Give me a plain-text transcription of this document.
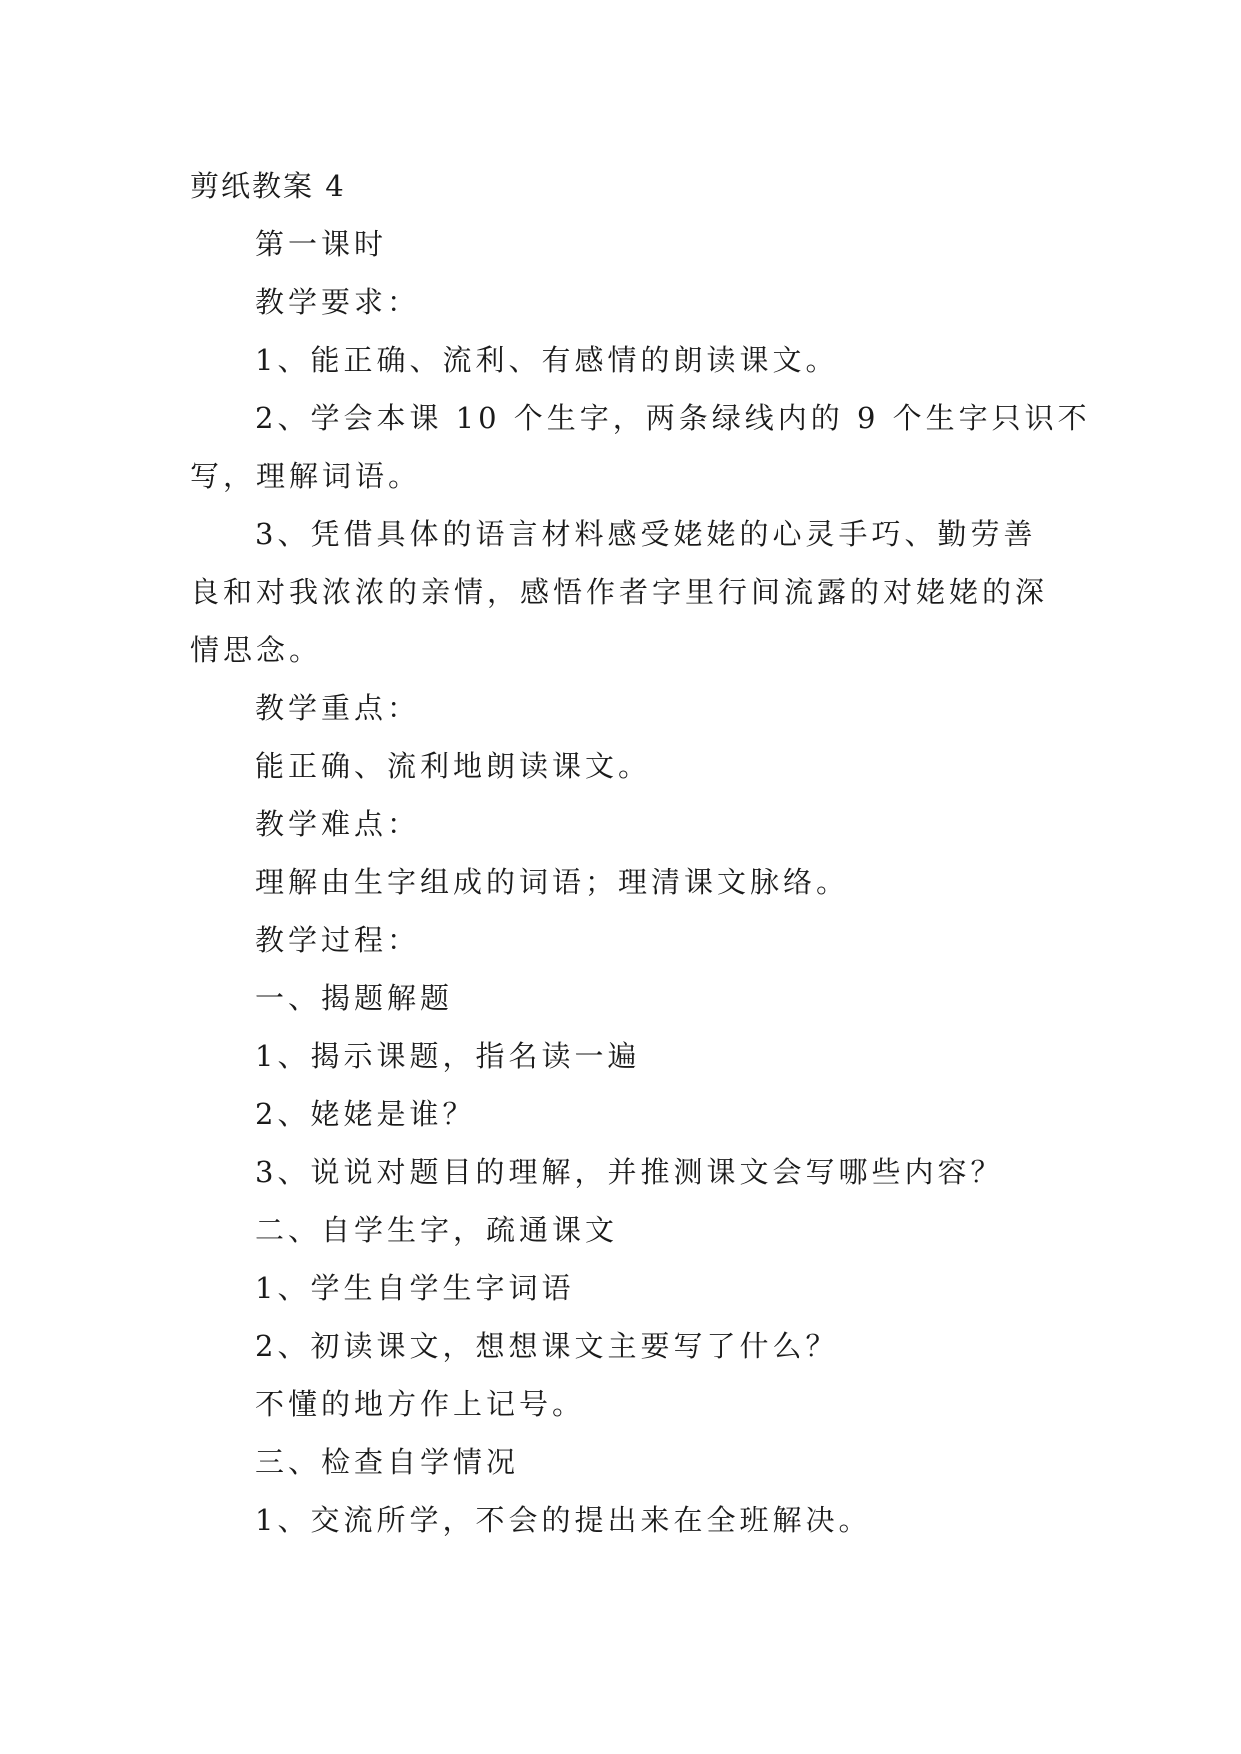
剪纸教案 4
第一课时
教学要求：
1、能正确、流利、有感情的朗读课文。
2、学会本课 10 个生字，两条绿线内的 9 个生字只识不
写，理解词语。
3、凭借具体的语言材料感受姥姥的心灵手巧、勤劳善
良和对我浓浓的亲情，感悟作者字里行间流露的对姥姥的深
情思念。
教学重点：
能正确、流利地朗读课文。
教学难点：
理解由生字组成的词语；理清课文脉络。
教学过程：
一、揭题解题
1、揭示课题，指名读一遍
2、姥姥是谁？
3、说说对题目的理解，并推测课文会写哪些内容？
二、自学生字，疏通课文
1、学生自学生字词语
2、初读课文，想想课文主要写了什么？
不懂的地方作上记号。
三、检查自学情况
1、交流所学，不会的提出来在全班解决。
